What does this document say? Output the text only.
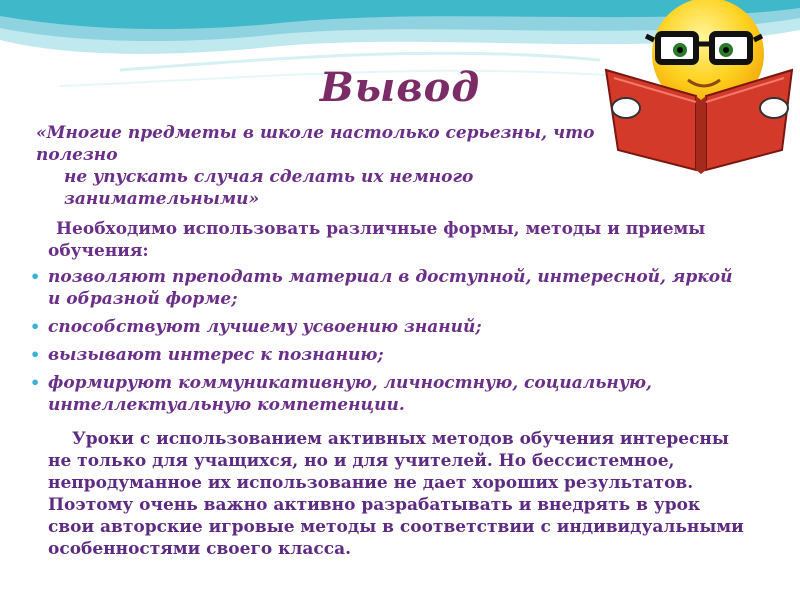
Вывод
«Многие предметы в школе настолько серьезны, что полезно
не упускать случая сделать их немного занимательными»
Необходимо использовать различные формы, методы и приемы обучения:
• позволяют преподать материал в доступной, интересной, яркой и образной форме;
• способствуют лучшему усвоению знаний;
• вызывают интерес к познанию;
• формируют коммуникативную, личностную, социальную, интеллектуальную компетенции.
Уроки с использованием активных методов обучения интересны не только для учащихся, но и для учителей. Но бессистемное, непродуманное их использование не дает хороших результатов. Поэтому очень важно активно разрабатывать и внедрять в урок свои авторские игровые методы в соответствии с индивидуальными особенностями своего класса.
